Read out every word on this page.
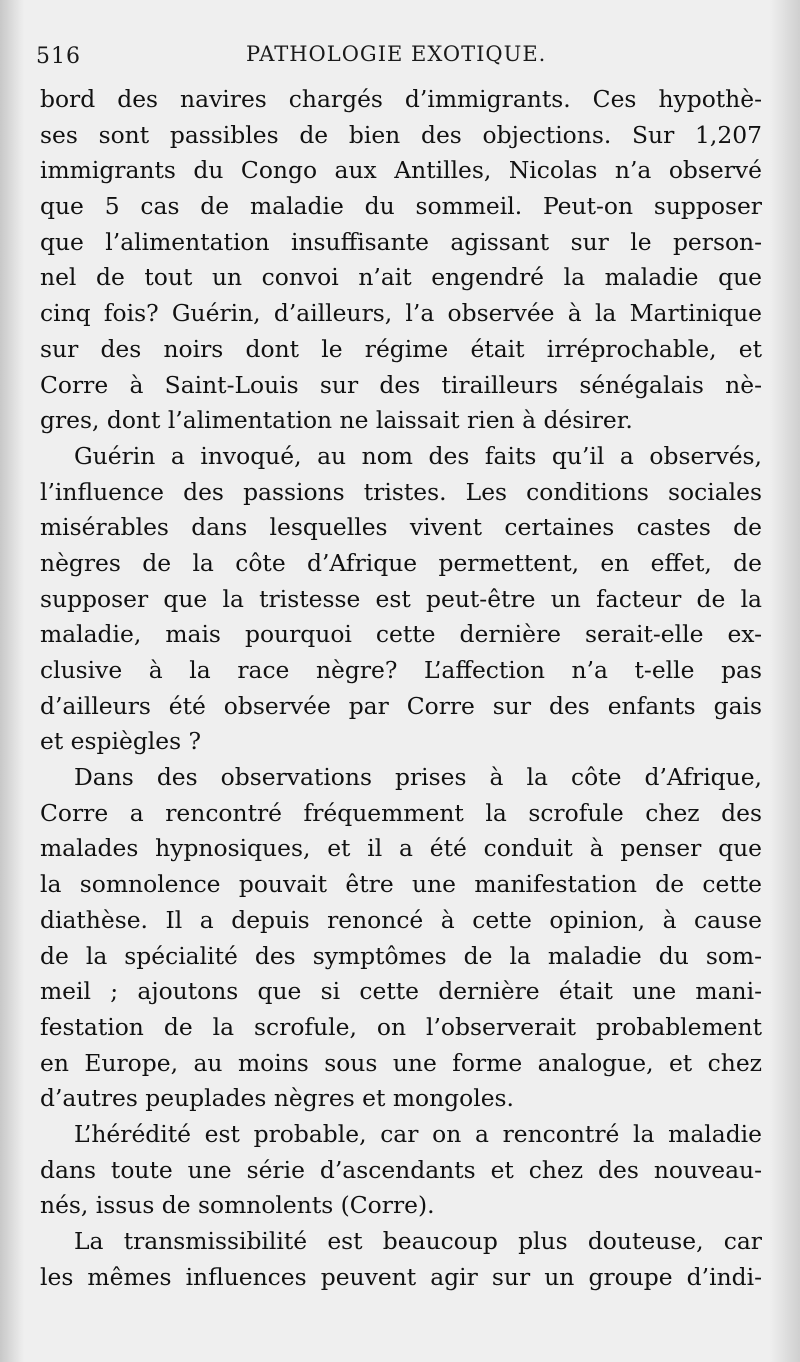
516	PATHOLOGIE EXOTIQUE.
bord des navires chargés d’immigrants. Ces hypothè-
ses sont passibles de bien des objections. Sur 1,207
immigrants du Congo aux Antilles, Nicolas n’a observé
que 5 cas de maladie du sommeil. Peut-on supposer
que l’alimentation insuffisante agissant sur le person-
nel de tout un convoi n’ait engendré la maladie que
cinq fois? Guérin, d’ailleurs, l’a observée à la Martinique
sur des noirs dont le régime était irréprochable, et
Corre à Saint-Louis sur des tirailleurs sénégalais nè-
gres, dont l’alimentation ne laissait rien à désirer.
Guérin a invoqué, au nom des faits qu’il a observés,
l’influence des passions tristes. Les conditions sociales
misérables dans lesquelles vivent certaines castes de
nègres de la côte d’Afrique permettent, en effet, de
supposer que la tristesse est peut-être un facteur de la
maladie, mais pourquoi cette dernière serait-elle ex-
clusive à la race nègre? L’affection n’a t-elle pas
d’ailleurs été observée par Corre sur des enfants gais
et espiègles ?
Dans des observations prises à la côte d’Afrique,
Corre a rencontré fréquemment la scrofule chez des
malades hypnosiques, et il a été conduit à penser que
la somnolence pouvait être une manifestation de cette
diathèse. Il a depuis renoncé à cette opinion, à cause
de la spécialité des symptômes de la maladie du som-
meil ; ajoutons que si cette dernière était une mani-
festation de la scrofule, on l’observerait probablement
en Europe, au moins sous une forme analogue, et chez
d’autres peuplades nègres et mongoles.
L’hérédité est probable, car on a rencontré la maladie
dans toute une série d’ascendants et chez des nouveau-
nés, issus de somnolents (Corre).
La transmissibilité est beaucoup plus douteuse, car
les mêmes influences peuvent agir sur un groupe d’indi-
